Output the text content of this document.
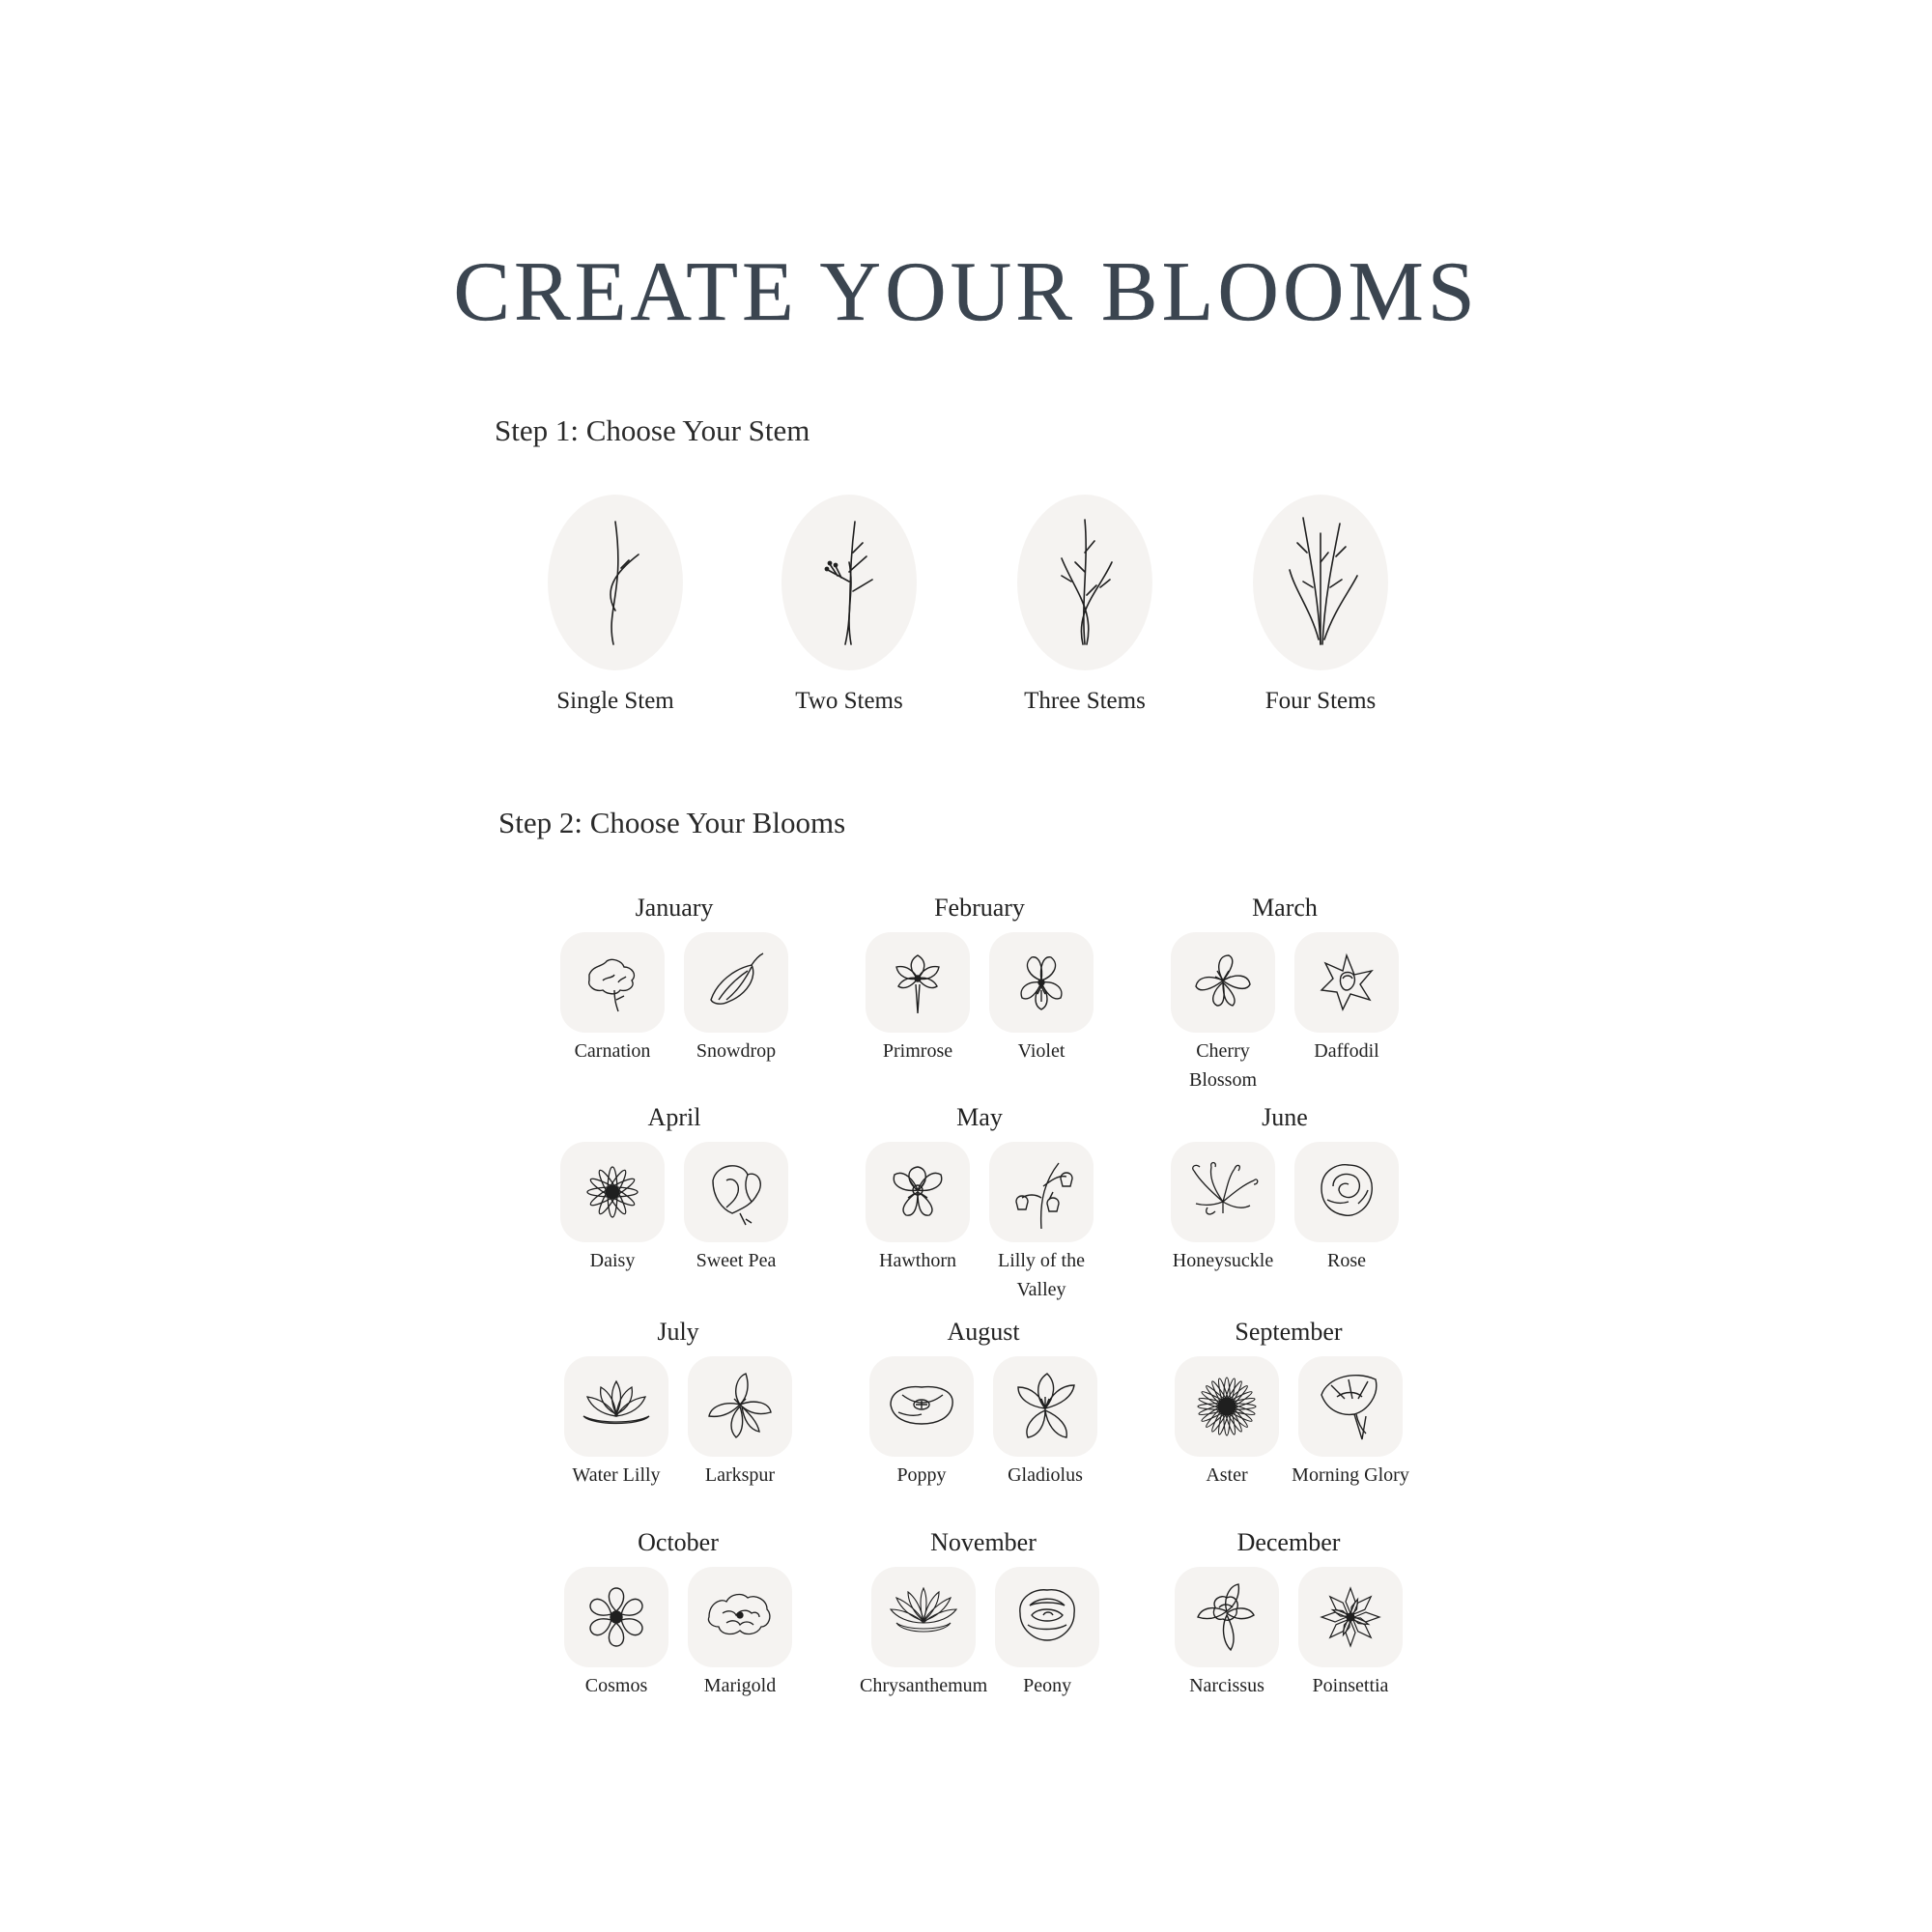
CREATE YOUR BLOOMS
Step 1: Choose Your Stem
Single Stem	Two Stems	Three Stems	Four Stems
Step 2: Choose Your Blooms
January
Carnation	Snowdrop
February
Primrose	Violet
March
Cherry Blossom
Daffodil
April
Daisy	Sweet Pea
May
Hawthorn	Lilly of the Valley
June
Honeysuckle	Rose
July
Water Lilly	Larkspur
August
Poppy	Gladiolus
September
Aster	Morning Glory
October
Cosmos	Marigold
November
Chrysanthemum	Peony
December
Narcissus	Poinsettia
